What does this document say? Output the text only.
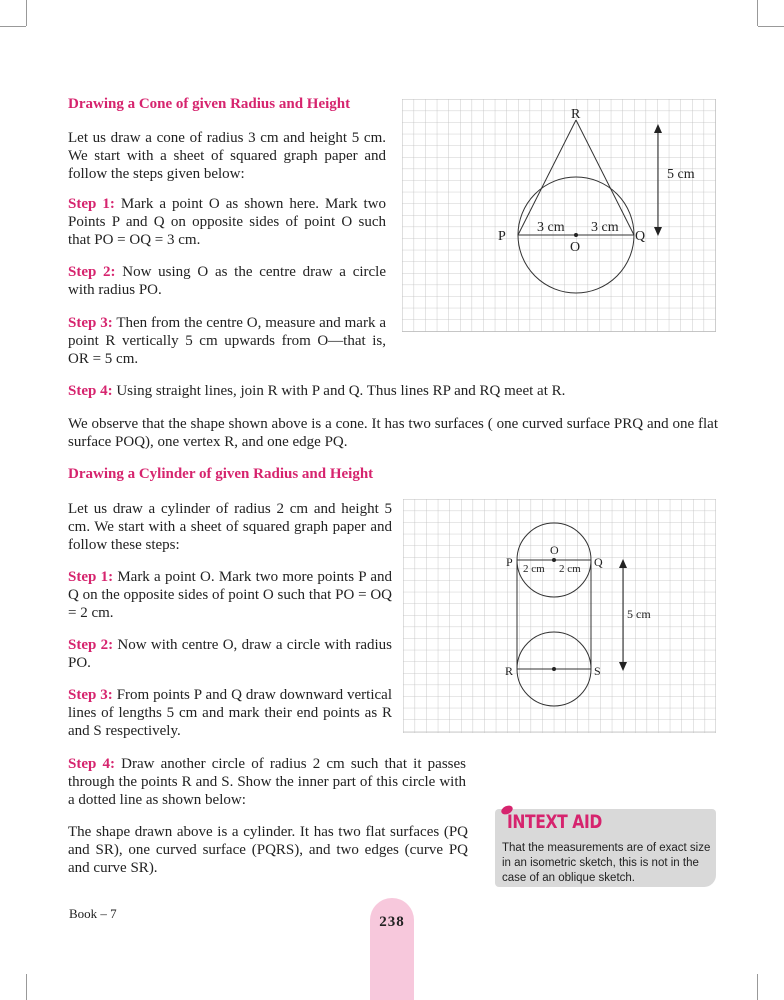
Drawing a Cone of given Radius and Height

Let us draw a cone of radius 3 cm and height 5 cm. We start with a sheet of squared graph paper and follow the steps given below:

Step 1: Mark a point O as shown here. Mark two Points P and Q on opposite sides of point O such that PO = OQ = 3 cm.

Step 2: Now using O as the centre draw a circle with radius PO.

Step 3: Then from the centre O, measure and mark a point R vertically 5 cm upwards from O—that is, OR = 5 cm.

R
P	Q
O
3 cm 3 cm
5 cm

Step 4: Using straight lines, join R with P and Q. Thus lines RP and RQ meet at R.

We observe that the shape shown above is a cone. It has two surfaces ( one curved surface PRQ and one flat surface POQ), one vertex R, and one edge PQ.

Drawing a Cylinder of given Radius and Height

Let us draw a cylinder of radius 2 cm and height 5 cm. We start with a sheet of squared graph paper and follow these steps:

Step 1: Mark a point O. Mark two more points P and Q on the opposite sides of point O such that PO = OQ = 2 cm.

Step 2: Now with centre O, draw a circle with radius PO.

Step 3: From points P and Q draw downward vertical lines of lengths 5 cm and mark their end points as R and S respectively.

O
P	Q
R	S
2 cm 2 cm
5 cm

Step 4: Draw another circle of radius 2 cm such that it passes through the points R and S. Show the inner part of this circle with a dotted line as shown below:

The shape drawn above is a cylinder. It has two flat surfaces (PQ and SR), one curved surface (PQRS), and two edges (curve PQ and curve SR).

INTEXT AID

That the measurements are of exact size in an isometric sketch, this is not in the case of an oblique sketch.

Book – 7

238
